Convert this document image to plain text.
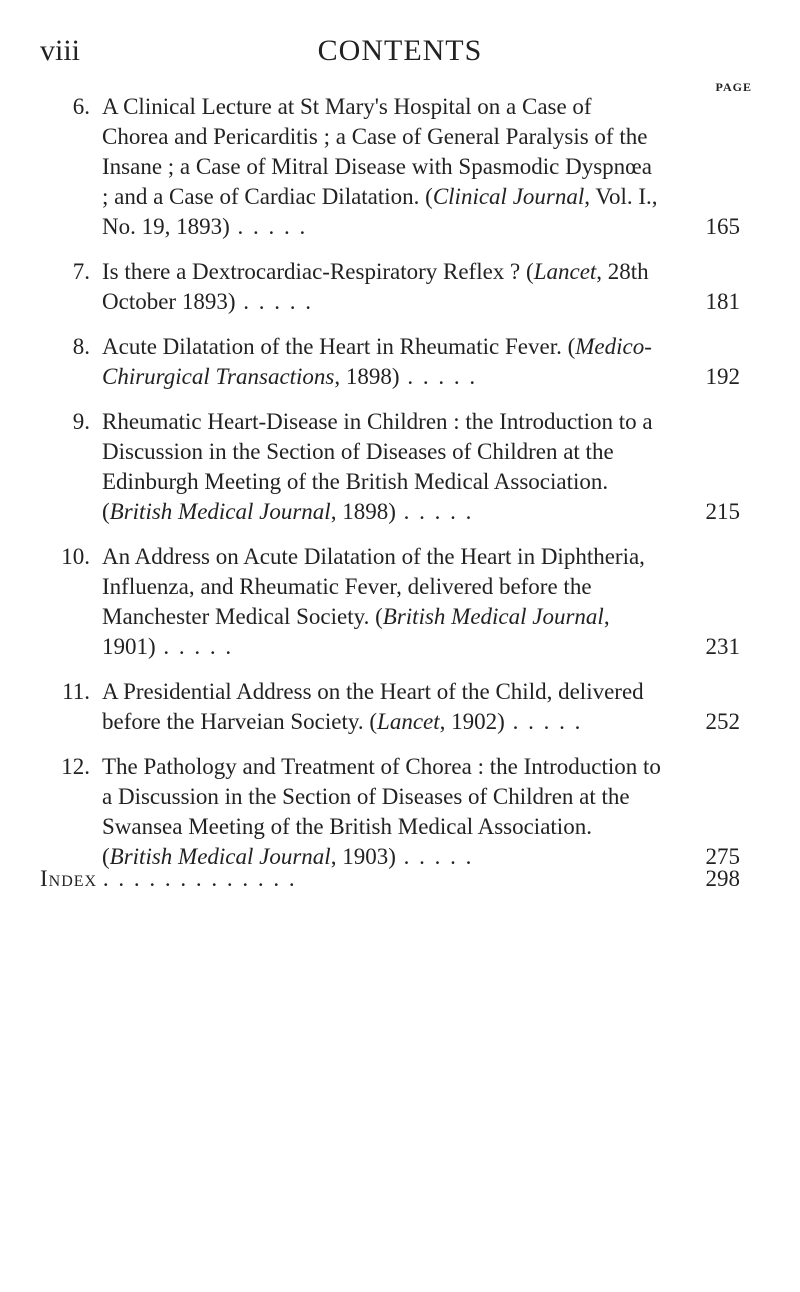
viii	CONTENTS
PAGE
6. A Clinical Lecture at St Mary's Hospital on a Case of Chorea and Pericarditis ; a Case of General Paralysis of the Insane ; a Case of Mitral Disease with Spasmodic Dyspnœa ; and a Case of Cardiac Dilatation. (Clinical Journal, Vol. I., No. 19, 1893) . . . . .	165
7. Is there a Dextrocardiac-Respiratory Reflex ? (Lancet, 28th October 1893) . . . . .	181
8. Acute Dilatation of the Heart in Rheumatic Fever. (Medico-Chirurgical Transactions, 1898) . . . . .	192
9. Rheumatic Heart-Disease in Children : the Introduction to a Discussion in the Section of Diseases of Children at the Edinburgh Meeting of the British Medical Association. (British Medical Journal, 1898) . . . . .	215
10. An Address on Acute Dilatation of the Heart in Diphtheria, Influenza, and Rheumatic Fever, delivered before the Manchester Medical Society. (British Medical Journal, 1901) . . . . .	231
11. A Presidential Address on the Heart of the Child, delivered before the Harveian Society. (Lancet, 1902) . . . . .	252
12. The Pathology and Treatment of Chorea : the Introduction to a Discussion in the Section of Diseases of Children at the Swansea Meeting of the British Medical Association. (British Medical Journal, 1903) . . . . .	275
Index . . . . . . . . . . . . .	298
